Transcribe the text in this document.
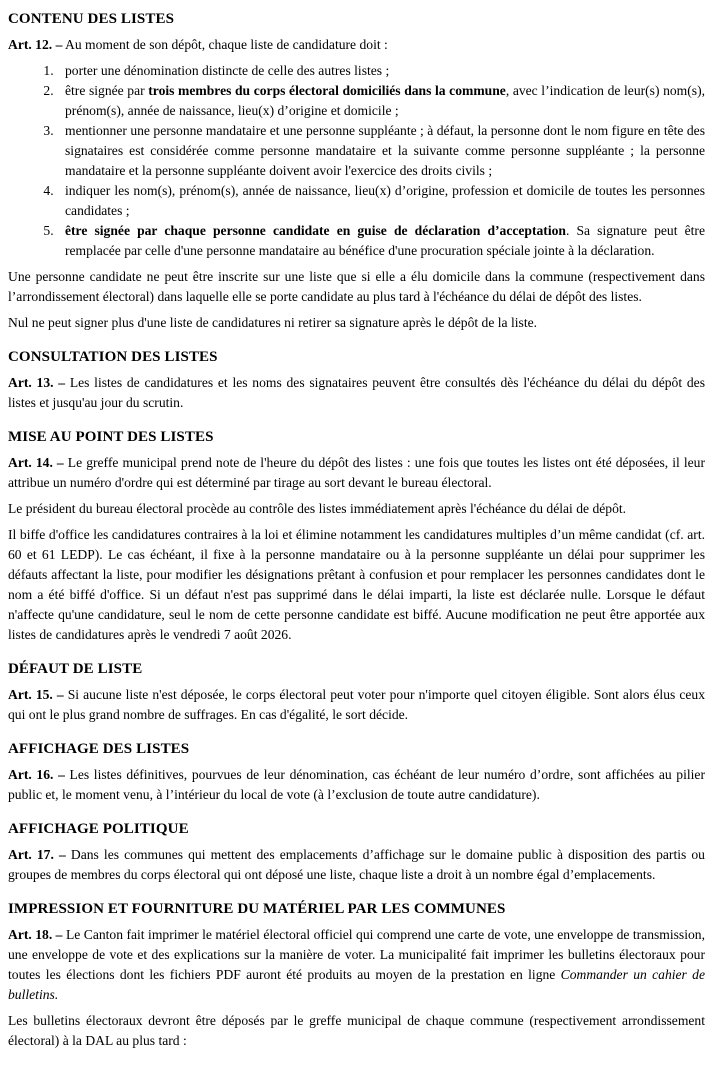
CONTENU DES LISTES

Art. 12. – Au moment de son dépôt, chaque liste de candidature doit :

1. porter une dénomination distincte de celle des autres listes ;
2. être signée par trois membres du corps électoral domiciliés dans la commune, avec l’indication de leur(s) nom(s), prénom(s), année de naissance, lieu(x) d’origine et domicile ;
3. mentionner une personne mandataire et une personne suppléante ; à défaut, la personne dont le nom figure en tête des signataires est considérée comme personne mandataire et la suivante comme personne suppléante ; la personne mandataire et la personne suppléante doivent avoir l'exercice des droits civils ;
4. indiquer les nom(s), prénom(s), année de naissance, lieu(x) d’origine, profession et domicile de toutes les personnes candidates ;
5. être signée par chaque personne candidate en guise de déclaration d’acceptation. Sa signature peut être remplacée par celle d'une personne mandataire au bénéfice d'une procuration spéciale jointe à la déclaration.

Une personne candidate ne peut être inscrite sur une liste que si elle a élu domicile dans la commune (respectivement dans l’arrondissement électoral) dans laquelle elle se porte candidate au plus tard à l'échéance du délai de dépôt des listes.

Nul ne peut signer plus d'une liste de candidatures ni retirer sa signature après le dépôt de la liste.

CONSULTATION DES LISTES

Art. 13. – Les listes de candidatures et les noms des signataires peuvent être consultés dès l'échéance du délai du dépôt des listes et jusqu'au jour du scrutin.

MISE AU POINT DES LISTES

Art. 14. – Le greffe municipal prend note de l'heure du dépôt des listes : une fois que toutes les listes ont été déposées, il leur attribue un numéro d'ordre qui est déterminé par tirage au sort devant le bureau électoral.

Le président du bureau électoral procède au contrôle des listes immédiatement après l'échéance du délai de dépôt.

Il biffe d'office les candidatures contraires à la loi et élimine notamment les candidatures multiples d’un même candidat (cf. art. 60 et 61 LEDP). Le cas échéant, il fixe à la personne mandataire ou à la personne suppléante un délai pour supprimer les défauts affectant la liste, pour modifier les désignations prêtant à confusion et pour remplacer les personnes candidates dont le nom a été biffé d'office. Si un défaut n'est pas supprimé dans le délai imparti, la liste est déclarée nulle. Lorsque le défaut n'affecte qu'une candidature, seul le nom de cette personne candidate est biffé. Aucune modification ne peut être apportée aux listes de candidatures après le vendredi 7 août 2026.

DÉFAUT DE LISTE

Art. 15. – Si aucune liste n'est déposée, le corps électoral peut voter pour n'importe quel citoyen éligible. Sont alors élus ceux qui ont le plus grand nombre de suffrages. En cas d'égalité, le sort décide.

AFFICHAGE DES LISTES

Art. 16. – Les listes définitives, pourvues de leur dénomination, cas échéant de leur numéro d’ordre, sont affichées au pilier public et, le moment venu, à l’intérieur du local de vote (à l’exclusion de toute autre candidature).

AFFICHAGE POLITIQUE

Art. 17. – Dans les communes qui mettent des emplacements d’affichage sur le domaine public à disposition des partis ou groupes de membres du corps électoral qui ont déposé une liste, chaque liste a droit à un nombre égal d’emplacements.

IMPRESSION ET FOURNITURE DU MATÉRIEL PAR LES COMMUNES

Art. 18. – Le Canton fait imprimer le matériel électoral officiel qui comprend une carte de vote, une enveloppe de transmission, une enveloppe de vote et des explications sur la manière de voter. La municipalité fait imprimer les bulletins électoraux pour toutes les élections dont les fichiers PDF auront été produits au moyen de la prestation en ligne Commander un cahier de bulletins.

Les bulletins électoraux devront être déposés par le greffe municipal de chaque commune (respectivement arrondissement électoral) à la DAL au plus tard :
